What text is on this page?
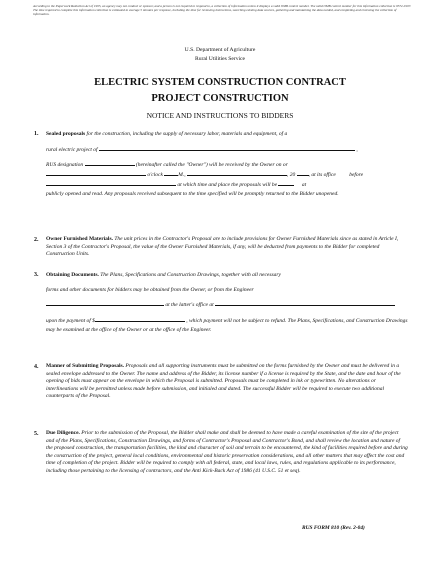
According to the Paperwork Reduction Act of 1995, an agency may not conduct or sponsor, and a person is not required to respond to, a collection of information unless it displays a valid OMB control number. The valid OMB control number for this information collection is 0572-0107. The time required to complete this information collection is estimated to average 5 minutes per response, including the time for reviewing instructions, searching existing data sources, gathering and maintaining the data needed, and completing and reviewing the collection of information.
U.S. Department of Agriculture
Rural Utilities Service
ELECTRIC SYSTEM CONSTRUCTION CONTRACT
PROJECT CONSTRUCTION
NOTICE AND INSTRUCTIONS TO BIDDERS
1. Sealed proposals for the construction, including the supply of necessary labor, materials and equipment, of a

rural electric project of	,

RUS designation	(hereinafter called the "Owner") will be received by the Owner on or
o'clock	M.,	, 20 , at its office before
at which time and place the proposals will be	at
publicly opened and read. Any proposals received subsequent to the time specified will be promptly returned to the Bidder unopened.
2. Owner Furnished Materials. The unit prices in the Contractor's Proposal are to include provisions for Owner Furnished Materials since as stated in Article I, Section 3 of the Contractor's Proposal, the value of the Owner Furnished Materials, if any, will be deducted from payments to the Bidder for completed Construction Units.
3. Obtaining Documents. The Plans, Specifications and Construction Drawings, together with all necessary

forms and other documents for bidders may be obtained from the Owner, or from the Engineer

at the latter's office at

upon the payment of $	, which payment will not be subject to refund. The Plans, Specifications, and Construction Drawings may be examined at the office of the Owner or at the office of the Engineer.
4. Manner of Submitting Proposals. Proposals and all supporting instruments must be submitted on the forms furnished by the Owner and must be delivered in a sealed envelope addressed to the Owner. The name and address of the Bidder, its license number if a license is required by the State, and the date and hour of the opening of bids must appear on the envelope in which the Proposal is submitted. Proposals must be completed in ink or typewritten. No alterations or interlineations will be permitted unless made before submission, and initialed and dated. The successful Bidder will be required to execute two additional counterparts of the Proposal.
5. Due Diligence. Prior to the submission of the Proposal, the Bidder shall make and shall be deemed to have made a careful examination of the site of the project and of the Plans, Specifications, Construction Drawings, and forms of Contractor's Proposal and Contractor's Bond, and shall review the location and nature of the proposed construction, the transportation facilities, the kind and character of soil and terrain to be encountered, the kind of facilities required before and during the construction of the project, general local conditions, environmental and historic preservation considerations, and all other matters that may affect the cost and time of completion of the project. Bidder will be required to comply with all federal, state, and local laws, rules, and regulations applicable to its performance, including those pertaining to the licensing of contractors, and the Anti Kick-Back Act of 1986 (41 U.S.C. 51 et seq).
RUS FORM 810 (Rev. 2-04)
